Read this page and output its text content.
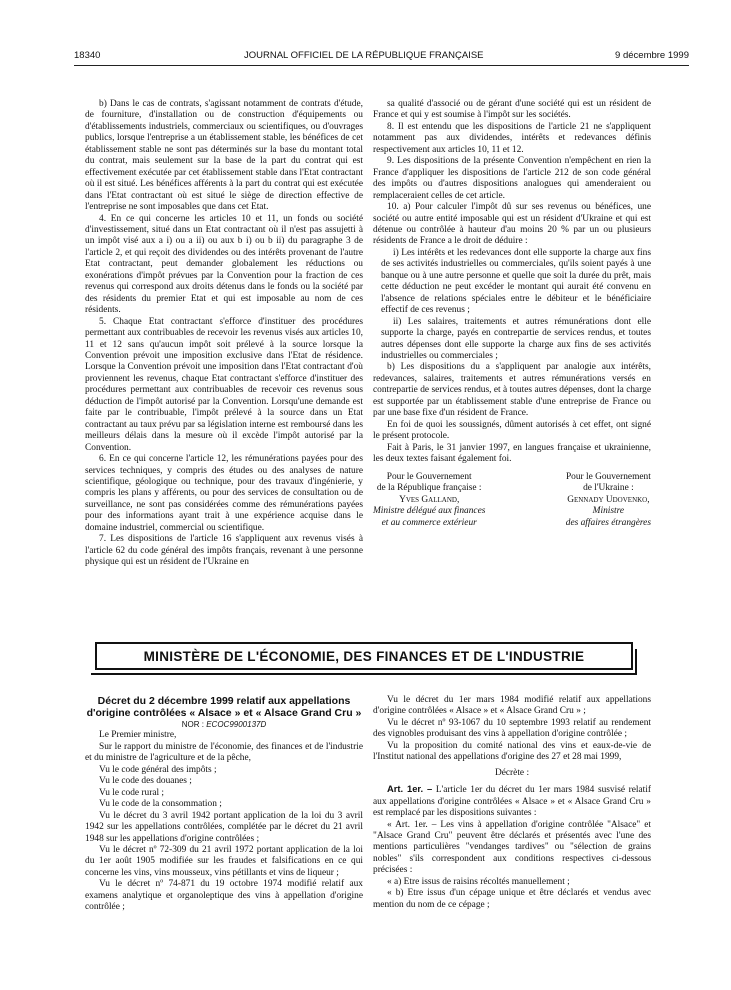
18340	JOURNAL OFFICIEL DE LA RÉPUBLIQUE FRANÇAISE	9 décembre 1999

b) Dans le cas de contrats, s'agissant notamment de contrats d'étude, de fourniture, d'installation ou de construction d'équipements ou d'établissements industriels, commerciaux ou scientifiques, ou d'ouvrages publics, lorsque l'entreprise a un établissement stable, les bénéfices de cet établissement stable ne sont pas déterminés sur la base du montant total du contrat, mais seulement sur la base de la part du contrat qui est effectivement exécutée par cet établissement stable dans l'Etat contractant où il est situé. Les bénéfices afférents à la part du contrat qui est exécutée dans l'Etat contractant où est situé le siège de direction effective de l'entreprise ne sont imposables que dans cet Etat.

4. En ce qui concerne les articles 10 et 11, un fonds ou société d'investissement, situé dans un Etat contractant où il n'est pas assujetti à un impôt visé aux a i) ou a ii) ou aux b i) ou b ii) du paragraphe 3 de l'article 2, et qui reçoit des dividendes ou des intérêts provenant de l'autre Etat contractant, peut demander globalement les réductions ou exonérations d'impôt prévues par la Convention pour la fraction de ces revenus qui correspond aux droits détenus dans le fonds ou la société par des résidents du premier Etat et qui est imposable au nom de ces résidents.

5. Chaque Etat contractant s'efforce d'instituer des procédures permettant aux contribuables de recevoir les revenus visés aux articles 10, 11 et 12 sans qu'aucun impôt soit prélevé à la source lorsque la Convention prévoit une imposition exclusive dans l'Etat de résidence. Lorsque la Convention prévoit une imposition dans l'Etat contractant d'où proviennent les revenus, chaque Etat contractant s'efforce d'instituer des procédures permettant aux contribuables de recevoir ces revenus sous déduction de l'impôt autorisé par la Convention. Lorsqu'une demande est faite par le contribuable, l'impôt prélevé à la source dans un Etat contractant au taux prévu par sa législation interne est remboursé dans les meilleurs délais dans la mesure où il excède l'impôt autorisé par la Convention.

6. En ce qui concerne l'article 12, les rémunérations payées pour des services techniques, y compris des études ou des analyses de nature scientifique, géologique ou technique, pour des travaux d'ingénierie, y compris les plans y afférents, ou pour des services de consultation ou de surveillance, ne sont pas considérées comme des rémunérations payées pour des informations ayant trait à une expérience acquise dans le domaine industriel, commercial ou scientifique.

7. Les dispositions de l'article 16 s'appliquent aux revenus visés à l'article 62 du code général des impôts français, revenant à une personne physique qui est un résident de l'Ukraine en

sa qualité d'associé ou de gérant d'une société qui est un résident de France et qui y est soumise à l'impôt sur les sociétés.

8. Il est entendu que les dispositions de l'article 21 ne s'appliquent notamment pas aux dividendes, intérêts et redevances définis respectivement aux articles 10, 11 et 12.

9. Les dispositions de la présente Convention n'empêchent en rien la France d'appliquer les dispositions de l'article 212 de son code général des impôts ou d'autres dispositions analogues qui amenderaient ou remplaceraient celles de cet article.

10. a) Pour calculer l'impôt dû sur ses revenus ou bénéfices, une société ou autre entité imposable qui est un résident d'Ukraine et qui est détenue ou contrôlée à hauteur d'au moins 20 % par un ou plusieurs résidents de France a le droit de déduire :

i) Les intérêts et les redevances dont elle supporte la charge aux fins de ses activités industrielles ou commerciales, qu'ils soient payés à une banque ou à une autre personne et quelle que soit la durée du prêt, mais cette déduction ne peut excéder le montant qui aurait été convenu en l'absence de relations spéciales entre le débiteur et le bénéficiaire effectif de ces revenus ;

ii) Les salaires, traitements et autres rémunérations dont elle supporte la charge, payés en contrepartie de services rendus, et toutes autres dépenses dont elle supporte la charge aux fins de ses activités industrielles ou commerciales ;

b) Les dispositions du a s'appliquent par analogie aux intérêts, redevances, salaires, traitements et autres rémunérations versés en contrepartie de services rendus, et à toutes autres dépenses, dont la charge est supportée par un établissement stable d'une entreprise de France ou par une base fixe d'un résident de France.

En foi de quoi les soussignés, dûment autorisés à cet effet, ont signé le présent protocole.

Fait à Paris, le 31 janvier 1997, en langues française et ukrainienne, les deux textes faisant également foi.

Pour le Gouvernement
de la République française :
Yves Galland,
Ministre délégué aux finances
et au commerce extérieur
Pour le Gouvernement
de l'Ukraine :
Gennady Udovenko,
Ministre
des affaires étrangères
MINISTÈRE DE L'ÉCONOMIE, DES FINANCES ET DE L'INDUSTRIE

Décret du 2 décembre 1999 relatif aux appellations d'origine contrôlées « Alsace » et « Alsace Grand Cru »

NOR : ECOC9900137D

Le Premier ministre,

Sur le rapport du ministre de l'économie, des finances et de l'industrie et du ministre de l'agriculture et de la pêche,

Vu le code général des impôts ;

Vu le code des douanes ;

Vu le code rural ;

Vu le code de la consommation ;

Vu le décret du 3 avril 1942 portant application de la loi du 3 avril 1942 sur les appellations contrôlées, complétée par le décret du 21 avril 1948 sur les appellations d'origine contrôlées ;

Vu le décret nº 72-309 du 21 avril 1972 portant application de la loi du 1er août 1905 modifiée sur les fraudes et falsifications en ce qui concerne les vins, vins mousseux, vins pétillants et vins de liqueur ;

Vu le décret nº 74-871 du 19 octobre 1974 modifié relatif aux examens analytique et organoleptique des vins à appellation d'origine contrôlée ;

Vu le décret du 1er mars 1984 modifié relatif aux appellations d'origine contrôlées « Alsace » et « Alsace Grand Cru » ;

Vu le décret nº 93-1067 du 10 septembre 1993 relatif au rendement des vignobles produisant des vins à appellation d'origine contrôlée ;

Vu la proposition du comité national des vins et eaux-de-vie de l'Institut national des appellations d'origine des 27 et 28 mai 1999,

Décrète :

Art. 1er. – L'article 1er du décret du 1er mars 1984 susvisé relatif aux appellations d'origine contrôlées « Alsace » et « Alsace Grand Cru » est remplacé par les dispositions suivantes :

« Art. 1er. – Les vins à appellation d'origine contrôlée "Alsace" et "Alsace Grand Cru" peuvent être déclarés et présentés avec l'une des mentions particulières "vendanges tardives" ou "sélection de grains nobles" s'ils correspondent aux conditions respectives ci-dessous précisées :

« a) Etre issus de raisins récoltés manuellement ;

« b) Etre issus d'un cépage unique et être déclarés et vendus avec mention du nom de ce cépage ;
